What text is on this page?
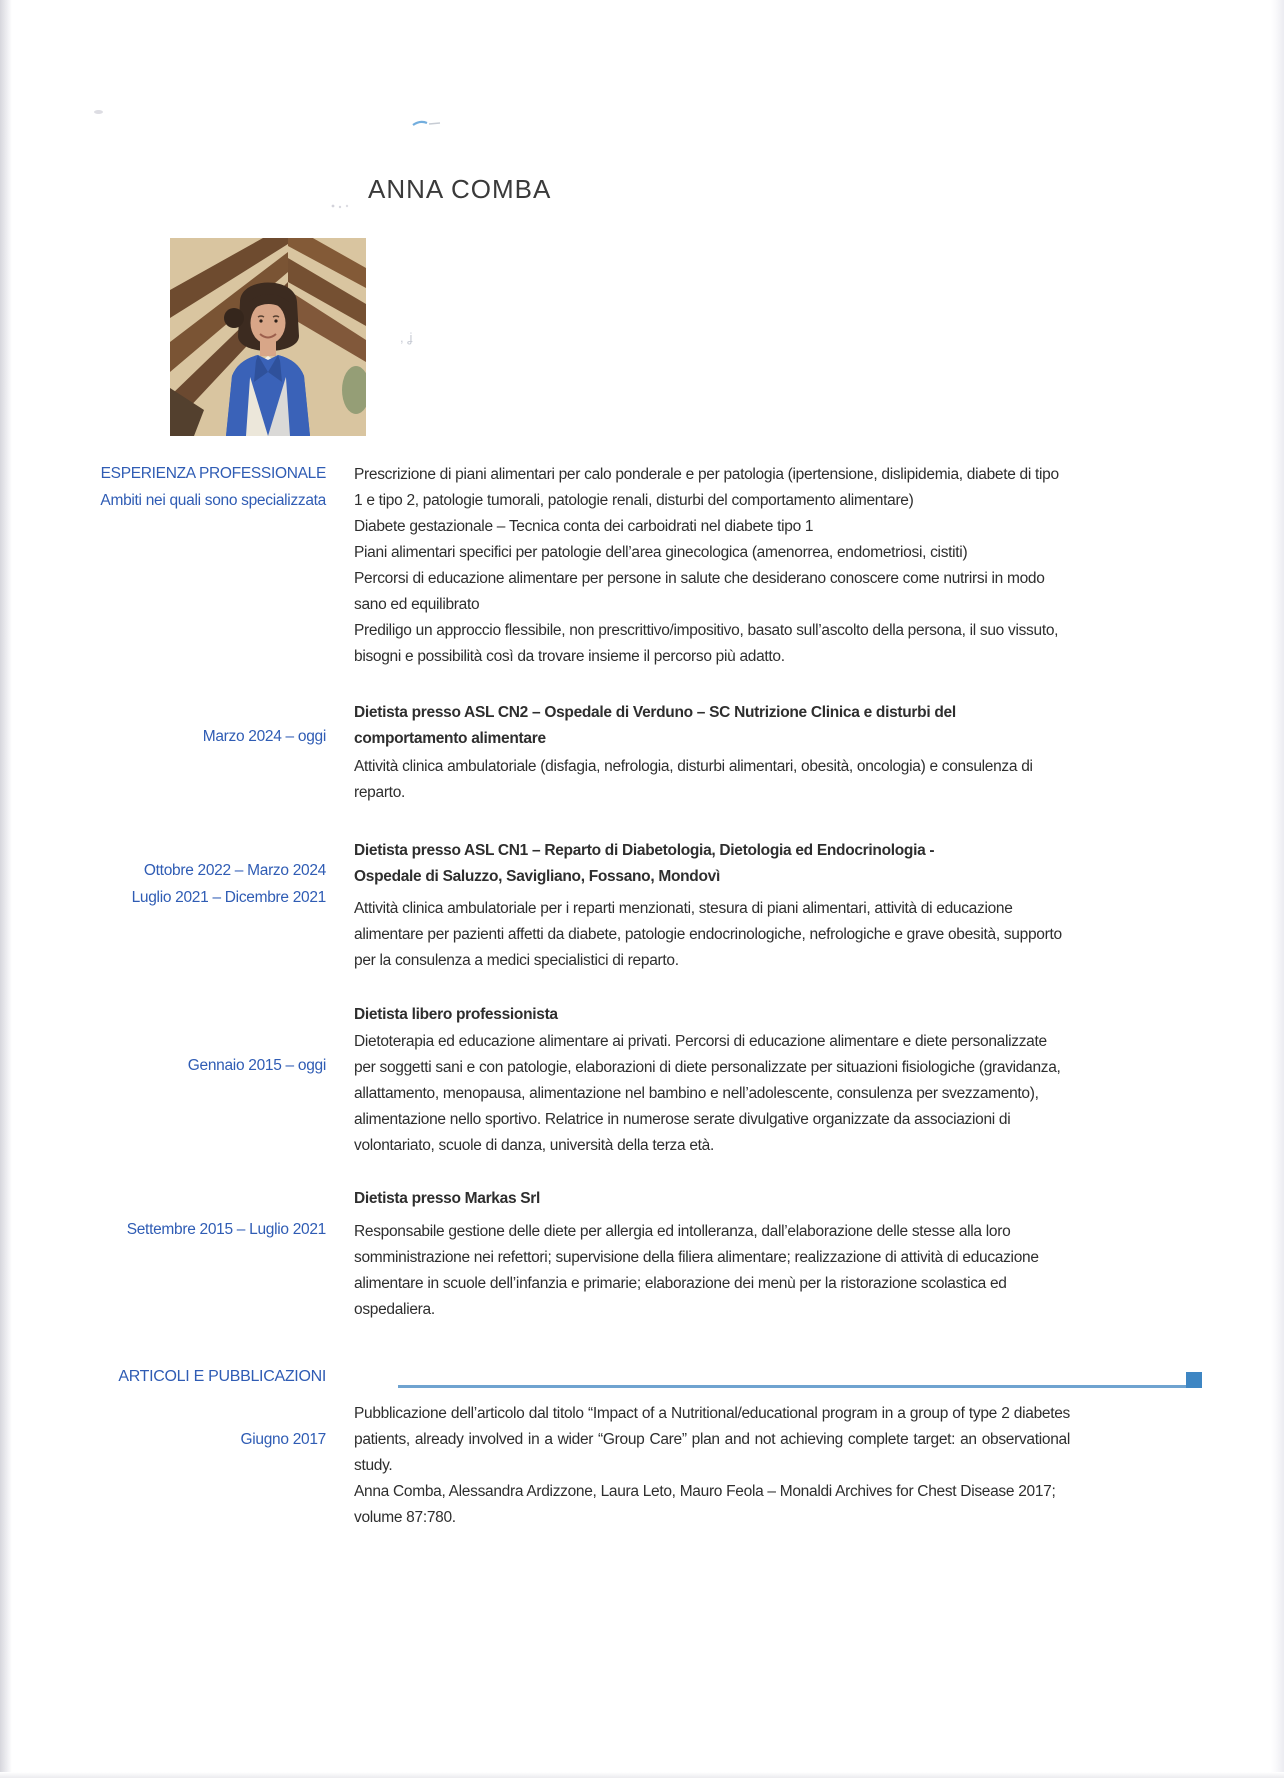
, ʝ
ANNA COMBA
ESPERIENZA PROFESSIONALE
Ambiti nei quali sono specializzata
Marzo 2024 – oggi
Ottobre 2022 – Marzo 2024
Luglio 2021 – Dicembre 2021
Gennaio 2015 – oggi
Settembre 2015 – Luglio 2021
ARTICOLI E PUBBLICAZIONI
Giugno 2017

Prescrizione di piani alimentari per calo ponderale e per patologia (ipertensione, dislipidemia, diabete di tipo 1 e tipo 2, patologie tumorali, patologie renali, disturbi del comportamento alimentare)

Diabete gestazionale – Tecnica conta dei carboidrati nel diabete tipo 1

Piani alimentari specifici per patologie dell’area ginecologica (amenorrea, endometriosi, cistiti)

Percorsi di educazione alimentare per persone in salute che desiderano conoscere come nutrirsi in modo sano ed equilibrato

Prediligo un approccio flessibile, non prescrittivo/impositivo, basato sull’ascolto della persona, il suo vissuto, bisogni e possibilità così da trovare insieme il percorso più adatto.

Dietista presso ASL CN2 – Ospedale di Verduno – SC Nutrizione Clinica e disturbi del
comportamento alimentare
Attività clinica ambulatoriale (disfagia, nefrologia, disturbi alimentari, obesità, oncologia) e consulenza di reparto.
Dietista presso ASL CN1 – Reparto di Diabetologia, Dietologia ed Endocrinologia -
Ospedale di Saluzzo, Savigliano, Fossano, Mondovì
Attività clinica ambulatoriale per i reparti menzionati, stesura di piani alimentari, attività di educazione alimentare per pazienti affetti da diabete, patologie endocrinologiche, nefrologiche e grave obesità, supporto per la consulenza a medici specialistici di reparto.
Dietista libero professionista
Dietoterapia ed educazione alimentare ai privati. Percorsi di educazione alimentare e diete personalizzate per soggetti sani e con patologie, elaborazioni di diete personalizzate per situazioni fisiologiche (gravidanza, allattamento, menopausa, alimentazione nel bambino e nell’adolescente, consulenza per svezzamento), alimentazione nello sportivo. Relatrice in numerose serate divulgative organizzate da associazioni di volontariato, scuole di danza, università della terza età.
Dietista presso Markas Srl
Responsabile gestione delle diete per allergia ed intolleranza, dall’elaborazione delle stesse alla loro somministrazione nei refettori; supervisione della filiera alimentare; realizzazione di attività di educazione alimentare in scuole dell’infanzia e primarie; elaborazione dei menù per la ristorazione scolastica ed ospedaliera.

Pubblicazione dell’articolo dal titolo “Impact of a Nutritional/educational program in a group of type 2 diabetes patients, already involved in a wider “Group Care” plan and not achieving complete target: an observational study.

Anna Comba, Alessandra Ardizzone, Laura Leto, Mauro Feola – Monaldi Archives for Chest Disease 2017; volume 87:780.
